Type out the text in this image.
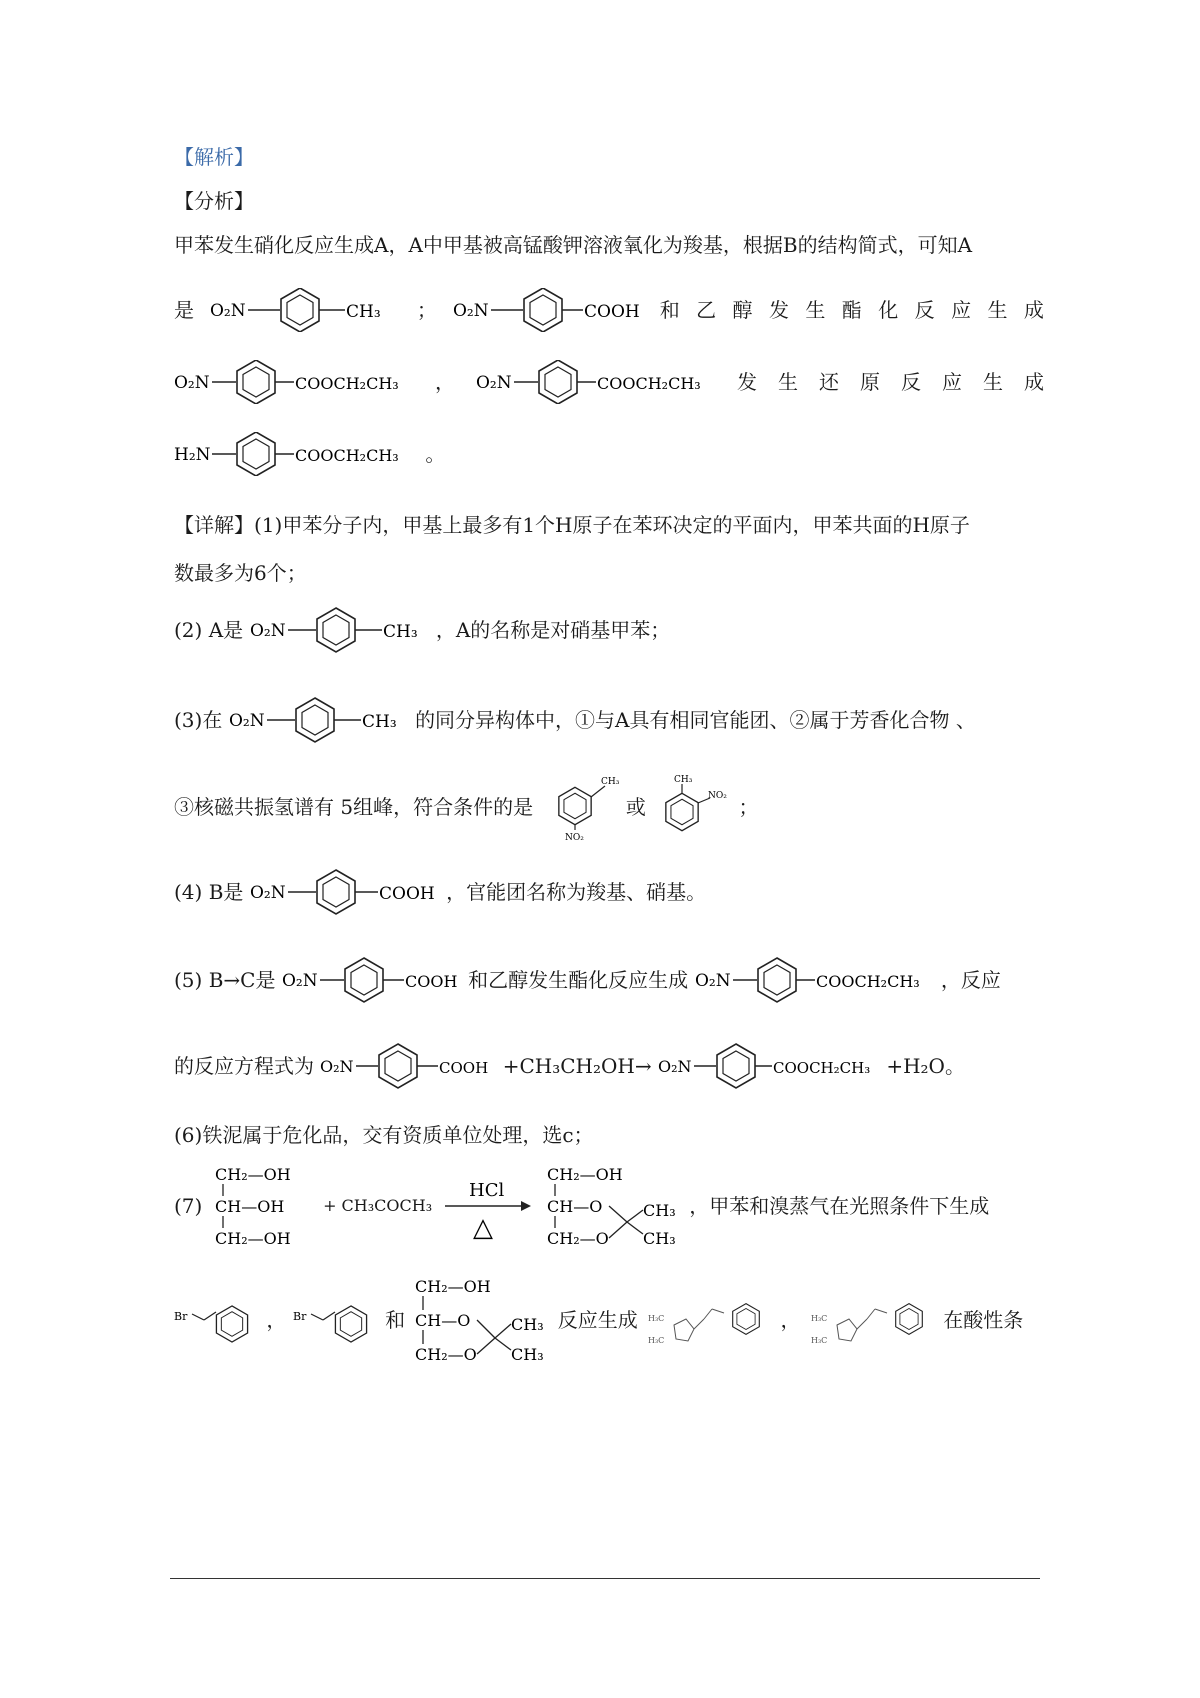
【解析】
【分析】
甲苯发生硝化反应生成A，A中甲基被高锰酸钾溶液氧化为羧基，根据B的结构简式，可知A
是 O₂N	CH₃ ； O₂N	COOH 和 乙 醇 发 生 酯 化 反 应 生 成
O₂N	COOCH₂CH₃ ， O₂N	COOCH₂CH₃ 发 生 还 原 反 应 生 成
H₂N	COOCH₂CH₃ 。
【详解】(1)甲苯分子内，甲基上最多有1个H原子在苯环决定的平面内，甲苯共面的H原子
数最多为6个；
(2) A是 O₂N	CH₃ ，A的名称是对硝基甲苯；
(3)在 O₂N	CH₃ 的同分异构体中，①与A具有相同官能团、②属于芳香化合物 、
③核磁共振氢谱有 5组峰，符合条件的是
CH₃
NO₂
或
CH₃
NO₂ ；
(4) B是 O₂N	COOH ，官能团名称为羧基、硝基。
(5) B→C是 O₂N	COOH 和乙醇发生酯化反应生成 O₂N	COOCH₂CH₃ ，反应
的反应方程式为 O₂N	COOH +CH₃CH₂OH→ O₂N	COOCH₂CH₃ +H₂O。
(6)铁泥属于危化品，交有资质单位处理，选c；
(7)
CH₂—OH
CH—OH
CH₂—OH
+ CH₃COCH₃
HCl
△

CH₂—OH
CH—O
CH₂—O
CH₃
CH₃
，甲苯和溴蒸气在光照条件下生成
Br	， Br	和
CH₂—OH
CH—O
CH₂—O
CH₃
CH₃
反应生成 H₃C
H₃C
， H₃C
H₃C
在酸性条
